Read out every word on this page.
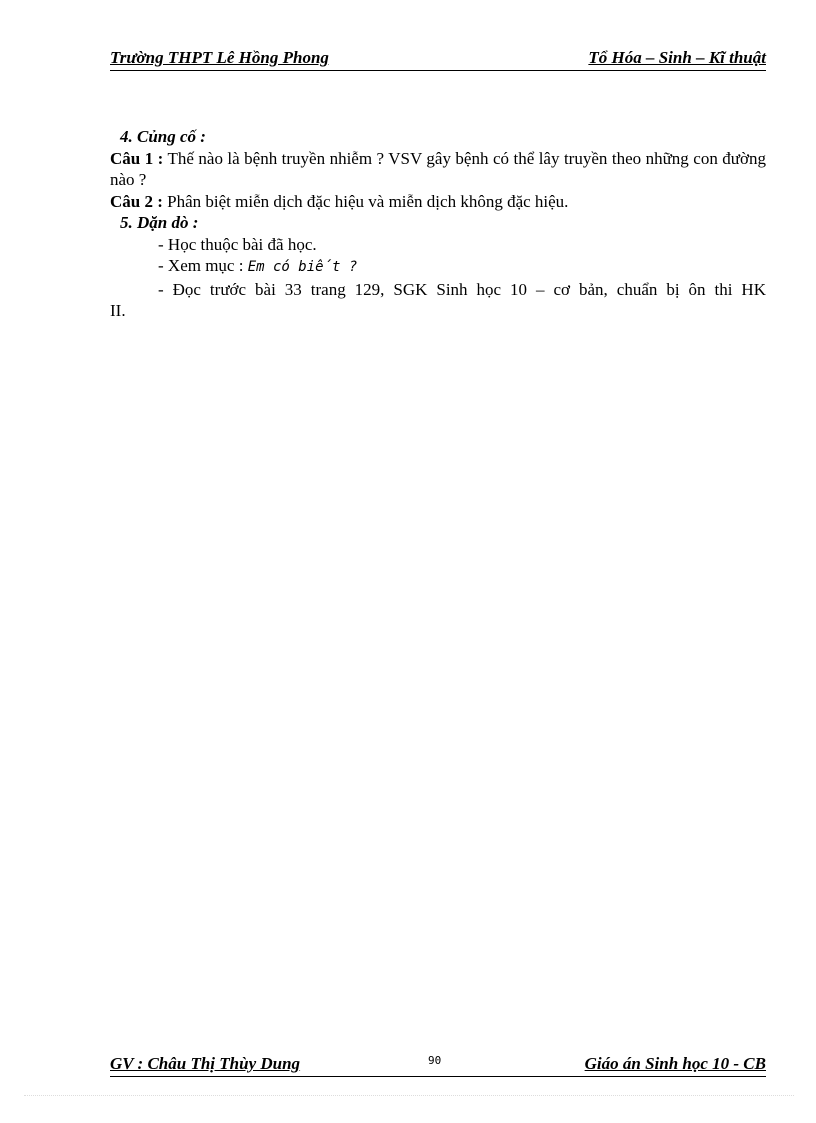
Trường THPT Lê Hồng Phong	Tổ Hóa – Sinh – Kĩ thuật
4. Củng cố :
Câu 1 : Thế nào là bệnh truyền nhiễm ? VSV gây bệnh có thể lây truyền theo những con đường nào ?
Câu 2 : Phân biệt miễn dịch đặc hiệu và miễn dịch không đặc hiệu.
5. Dặn dò :
- Học thuộc bài đã học.
- Xem mục : Em có biết ?
- Đọc trước bài 33 trang 129, SGK Sinh học 10 – cơ bản, chuẩn bị ôn thi HK
II.
GV : Châu Thị Thùy Dung	90	Giáo án Sinh học 10 - CB
